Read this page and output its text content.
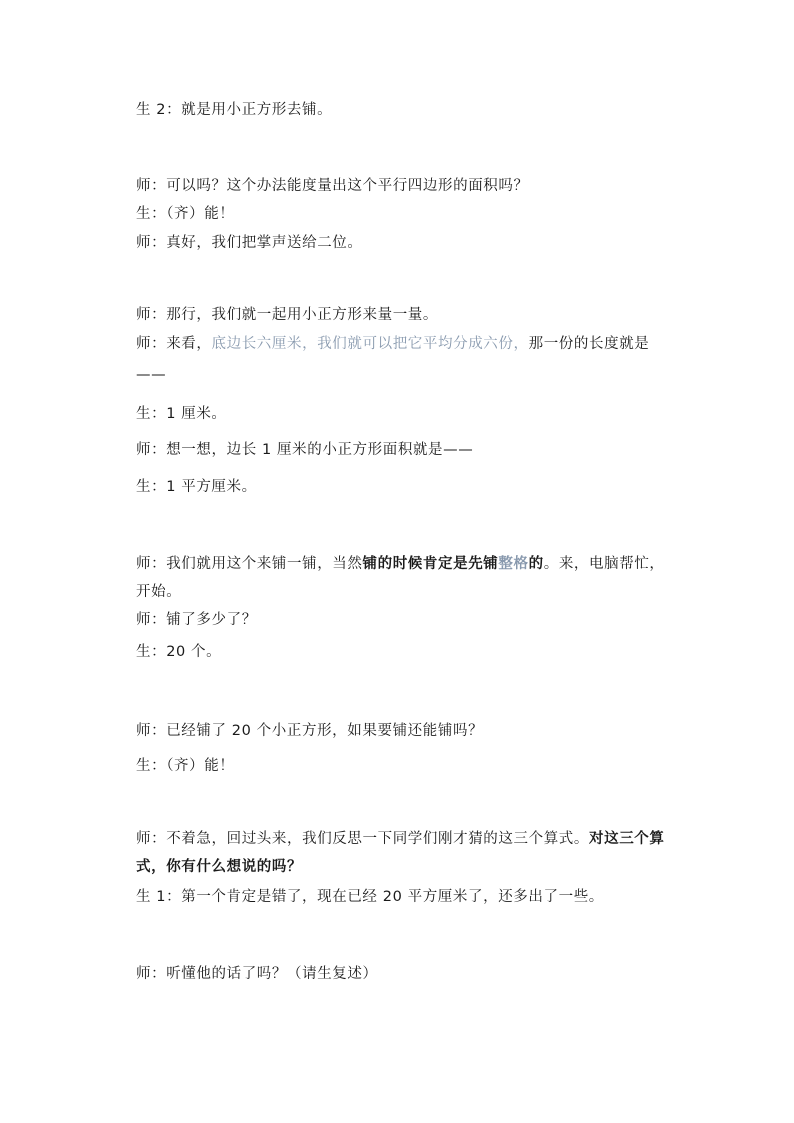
生 2：就是用小正方形去铺。
师：可以吗？这个办法能度量出这个平行四边形的面积吗？
生：（齐）能！
师：真好，我们把掌声送给二位。
师：那行，我们就一起用小正方形来量一量。
师：来看，底边长六厘米，我们就可以把它平均分成六份，那一份的长度就是
——
生：1 厘米。
师：想一想，边长 1 厘米的小正方形面积就是——
生：1 平方厘米。
师：我们就用这个来铺一铺，当然铺的时候肯定是先铺整格的。来，电脑帮忙，
开始。
师：铺了多少了？
生：20 个。
师：已经铺了 20 个小正方形，如果要铺还能铺吗？
生：（齐）能！
师：不着急，回过头来，我们反思一下同学们刚才猜的这三个算式。对这三个算
式，你有什么想说的吗？
生 1：第一个肯定是错了，现在已经 20 平方厘米了，还多出了一些。
师：听懂他的话了吗？（请生复述）
